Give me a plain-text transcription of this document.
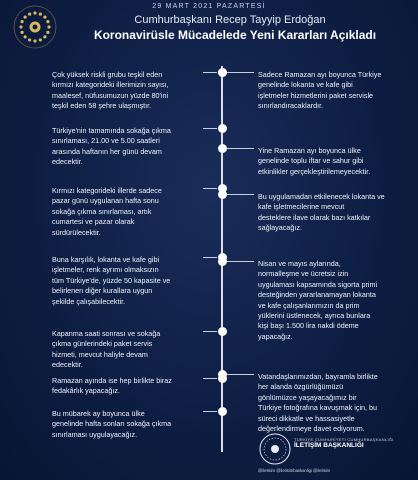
29 MART 2021 PAZARTESİ
Cumhurbaşkanı Recep Tayyip Erdoğan
Koronavirüsle Mücadelede Yeni Kararları Açıkladı
Çok yüksek riskli grubu teşkil eden
kırmızı kategorideki illerimizin sayısı,
maalesef, nüfusumuzun yüzde 80'ini
teşkil eden 58 şehre ulaşmıştır.
Türkiye'nin tamamında sokağa çıkma
sınırlaması, 21.00 ve 5.00 saatleri
arasında haftanın her günü devam
edecektir.
Kırmızı kategorideki illerde sadece
pazar günü uygulanan hafta sonu
sokağa çıkma sınırlaması, artık
cumartesi ve pazar olarak
sürdürülecektir.
Buna karşılık, lokanta ve kafe gibi
işletmeler, renk ayrımı olmaksızın
tüm Türkiye'de, yüzde 50 kapasite ve
belirlenen diğer kurallara uygun
şekilde çalışabilecektir.
Kapanma saati sonrası ve sokağa
çıkma günlerindeki paket servis
hizmeti, mevcut haliyle devam
edecektir.
Ramazan ayında ise hep birlikte biraz
fedakârlık yapacağız.
Bu mübarek ay boyunca ülke
genelinde hafta sonları sokağa çıkma
sınırlaması uygulayacağız.
Sadece Ramazan ayı boyunca Türkiye
genelinde lokanta ve kafe gibi
işletmeler hizmetlerini paket servisle
sınırlandıracaklardır.
Yine Ramazan ayı boyunca ülke
genelinde toplu iftar ve sahur gibi
etkinlikler gerçekleştirilemeyecektir.
Bu uygulamadan etkilenecek lokanta ve
kafe işletmecilerine mevcut
desteklere ilave olarak bazı katkılar
sağlayacağız.
Nisan ve mayıs aylarında,
normalleşme ve ücretsiz izin
uygulaması kapsamında sigorta primi
desteğinden yararlanamayan lokanta
ve kafe çalışanlarımızın da prim
yüklerini üstlenecek, ayrıca bunlara
kişi başı 1.500 lira nakdi ödeme
yapacağız.
Vatandaşlarımızdan, bayramla birlikte
her alanda özgürlüğümüzü
gönlümüzce yaşayacağımız bir
Türkiye fotoğrafına kavuşmak için, bu
süreci dikkatle ve hassasiyetle
değerlendirmeye davet ediyorum.
TÜRKİYE CUMHURİYETİ CUMHURBAŞKANLIĞI
İLETİŞİM BAŞKANLIĞI
@iletisim @iletisimbaskanligi @iletisim
